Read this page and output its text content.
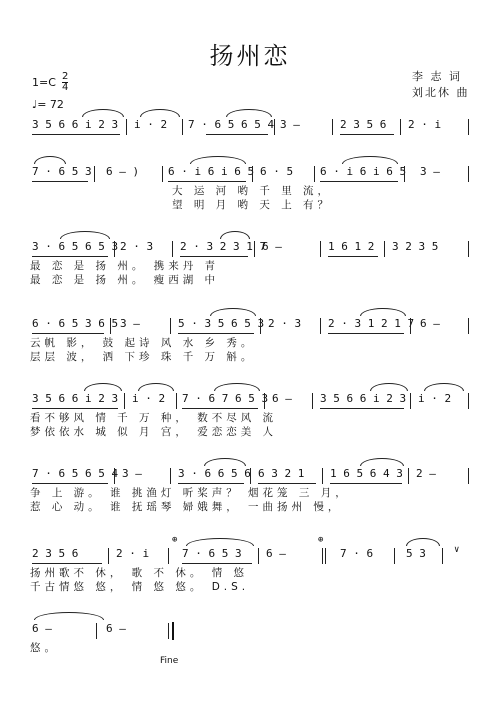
扬州恋
李 志 词
刘北休 曲
$1=C \frac{2}{4}$
♩= 72
3 5 6 6 i 2 3 i · 2 7 · 6 5 6 5 4 3 –	2 3 5 6 2 · i
7 · 6 5 3 6 – )	6 · i 6 i 6 5 6 · 5 6 · i 6 i 6 5 3 –
大 运 河 哟 千 里 流，
望 明 月 哟 天 上 有？
3 · 6 5 6 5 3 2 · 3 2 · 3 2 3 1 7
6 –	1 6 1 2 3 2 3 5
最 恋 是 扬 州。 携来丹 青
最 恋 是 扬 州。 瘦西湖 中
6 · 6 5 3 6 5 3 –	5 · 3 5 6 5 3 2 · 3 2 · 3 1 2 1 7 6 –
云帆 影， 鼓 起诗 风 水 乡 秀。
层层 波， 洒 下珍 珠 千 万 斛。
3 5 6 6 i 2 3 i · 2 7 · 6 7 6 5 3 6 –	3 5 6 6 i 2 3 i · 2
看不够风 情 千 万 种， 数不尽风 流
梦依依水 城 似 月 宫， 爱恋恋美 人
7 · 6 5 6 5 4 3 –	3 · 6 6 5 6 6 3 2 1 1 6 5 6 4 3 2 –
争 上 游。 谁 挑渔灯 听桨声？ 烟花笼 三 月，
惹 心 动。 谁 抚瑶琴 婦娥舞， 一曲扬州 慢，
2 3 5 6	2 · i	7 · 6 5 3 6 –	7 · 6	5 3
⊕	⊕
∨
扬州歌不 休， 歌 不 休。 情 悠
千古情悠 悠， 情 悠 悠。 D.S.
6 –	6 –
悠。
Fine
